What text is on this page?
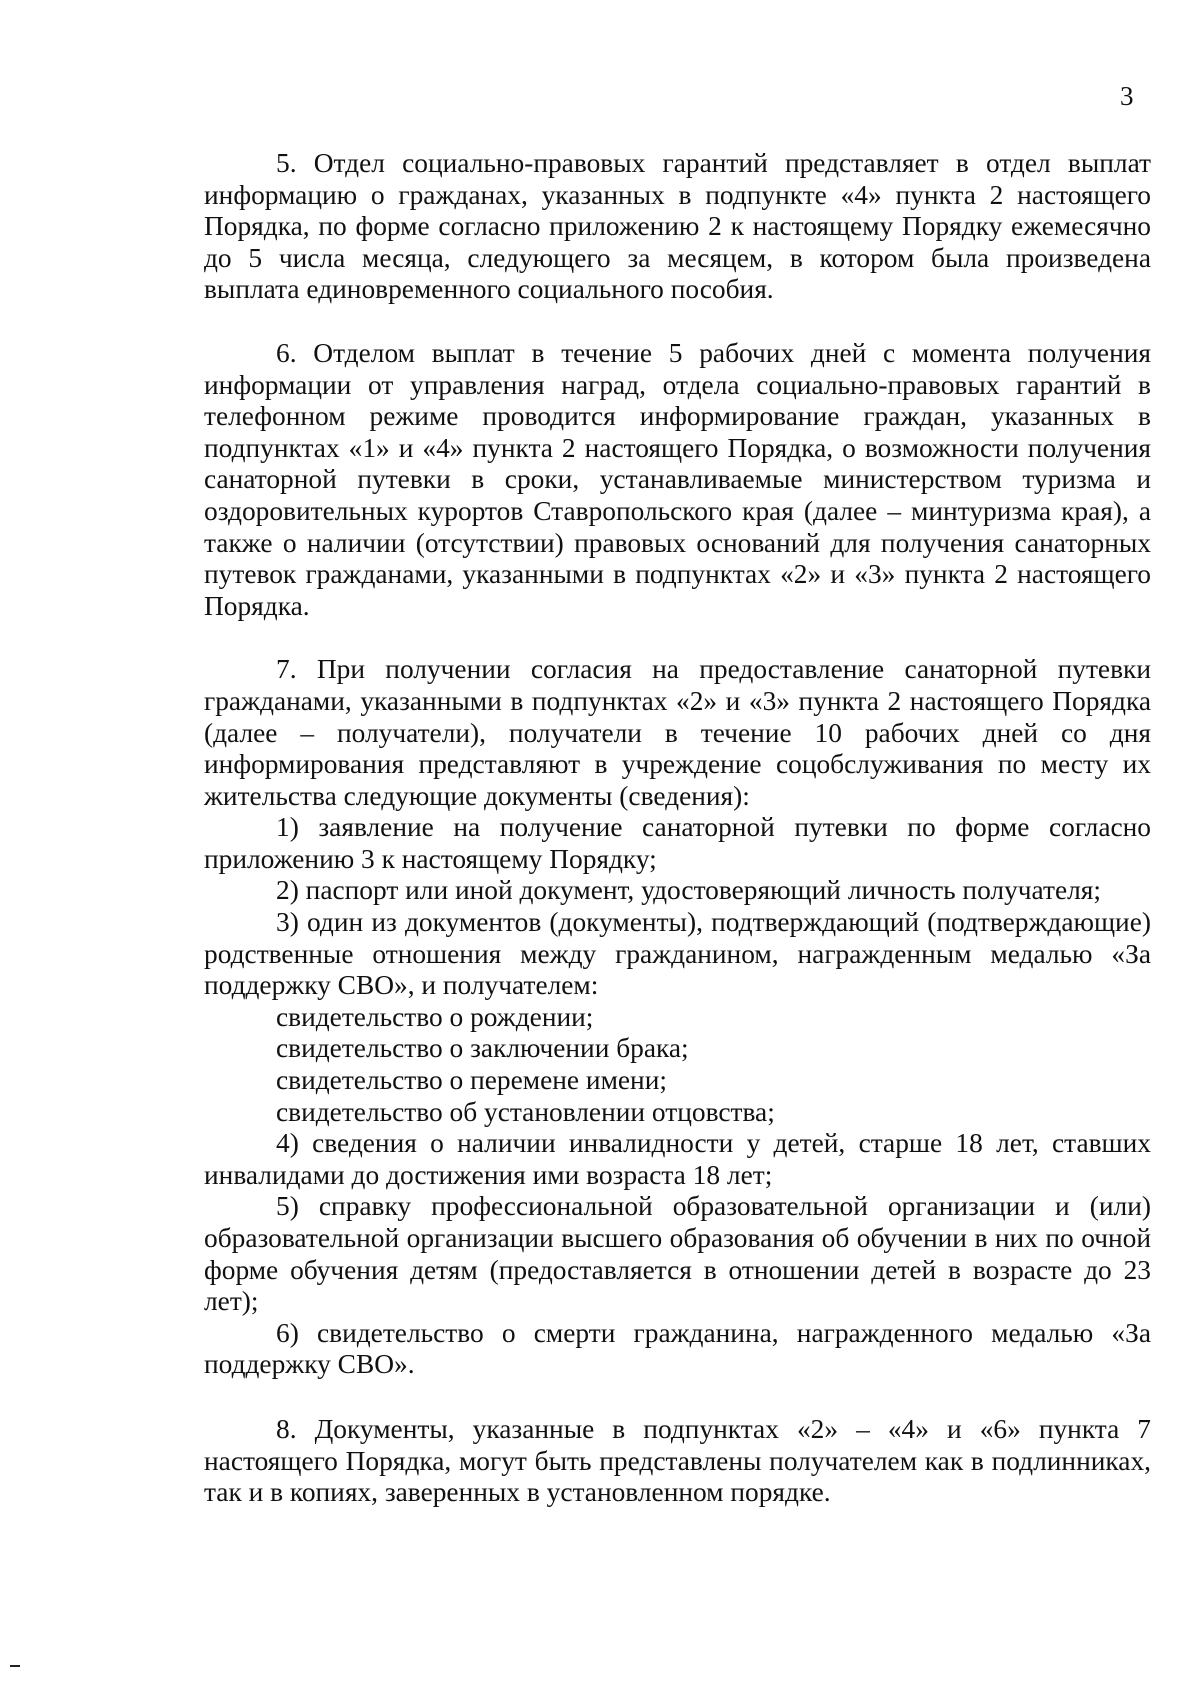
3

5. Отдел социально-правовых гарантий представляет в отдел выплат информацию о гражданах, указанных в подпункте «4» пункта 2 настоящего Порядка, по форме согласно приложению 2 к настоящему Порядку ежемесячно до 5 числа месяца, следующего за месяцем, в котором была произведена выплата единовременного социального пособия.

6. Отделом выплат в течение 5 рабочих дней с момента получения информации от управления наград, отдела социально-правовых гарантий в телефонном режиме проводится информирование граждан, указанных в подпунктах «1» и «4» пункта 2 настоящего Порядка, о возможности получения санаторной путевки в сроки, устанавливаемые министерством туризма и оздоровительных курортов Ставропольского края (далее – минтуризма края), а также о наличии (отсутствии) правовых оснований для получения санаторных путевок гражданами, указанными в подпунктах «2» и «3» пункта 2 настоящего Порядка.

7. При получении согласия на предоставление санаторной путевки гражданами, указанными в подпунктах «2» и «3» пункта 2 настоящего Порядка (далее – получатели), получатели в течение 10 рабочих дней со дня информирования представляют в учреждение соцобслуживания по месту их жительства следующие документы (сведения):

1) заявление на получение санаторной путевки по форме согласно приложению 3 к настоящему Порядку;

2) паспорт или иной документ, удостоверяющий личность получателя;

3) один из документов (документы), подтверждающий (подтверждающие) родственные отношения между гражданином, награжденным медалью «За поддержку СВО», и получателем:

свидетельство о рождении;

свидетельство о заключении брака;

свидетельство о перемене имени;

свидетельство об установлении отцовства;

4) сведения о наличии инвалидности у детей, старше 18 лет, ставших инвалидами до достижения ими возраста 18 лет;

5) справку профессиональной образовательной организации и (или) образовательной организации высшего образования об обучении в них по очной форме обучения детям (предоставляется в отношении детей в возрасте до 23 лет);

6) свидетельство о смерти гражданина, награжденного медалью «За поддержку СВО».

8. Документы, указанные в подпунктах «2» – «4» и «6» пункта 7 настоящего Порядка, могут быть представлены получателем как в подлинниках, так и в копиях, заверенных в установленном порядке.
